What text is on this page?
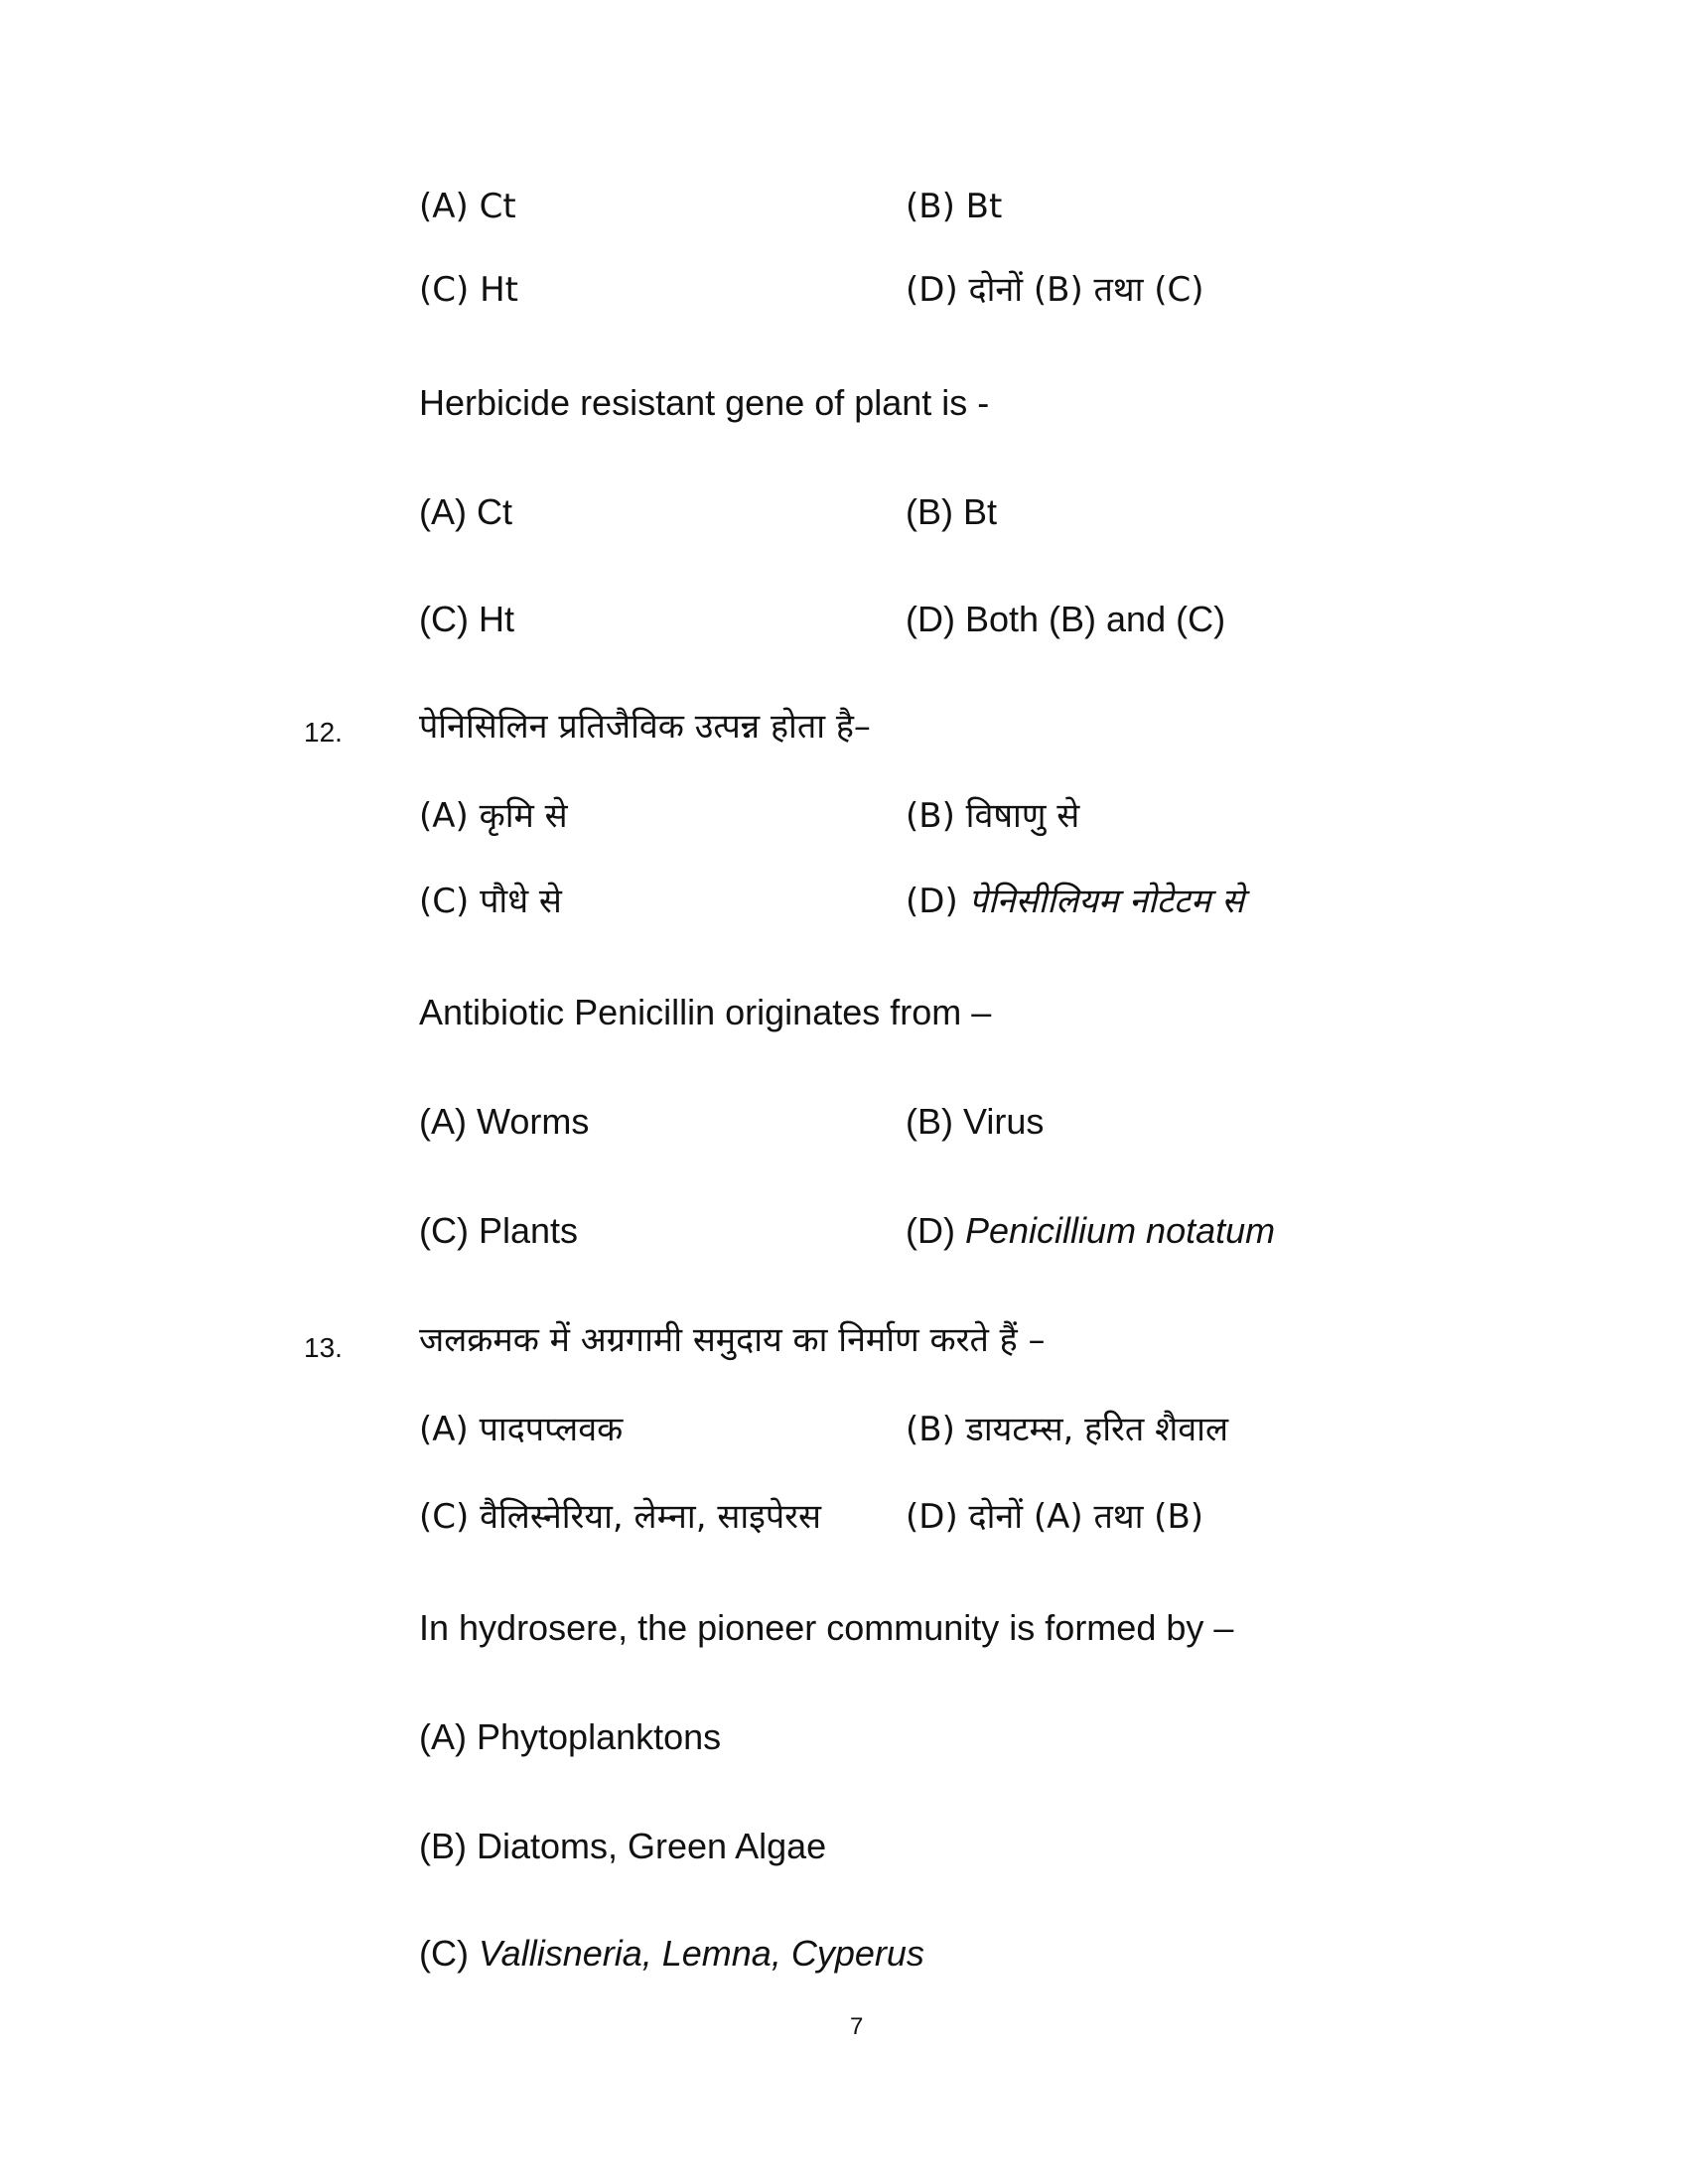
(A) Ct	(B) Bt
(C) Ht	(D) दोनों (B) तथा (C)
Herbicide resistant gene of plant is -
(A) Ct	(B) Bt
(C) Ht	(D) Both (B) and (C)
12. पेनिसिलिन प्रतिजैविक उत्पन्न होता है–
(A) कृमि से	(B) विषाणु से
(C) पौधे से	(D) पेनिसीलियम नोटेटम से
Antibiotic Penicillin originates from –
(A) Worms	(B) Virus
(C) Plants	(D) Penicillium notatum
13. जलक्रमक में अग्रगामी समुदाय का निर्माण करते हैं –
(A) पादपप्लवक	(B) डायटम्स, हरित शैवाल
(C) वैलिस्नेरिया, लेम्ना, साइपेरस (D) दोनों (A) तथा (B)
In hydrosere, the pioneer community is formed by –
(A) Phytoplanktons
(B) Diatoms, Green Algae
(C) Vallisneria, Lemna, Cyperus
7
